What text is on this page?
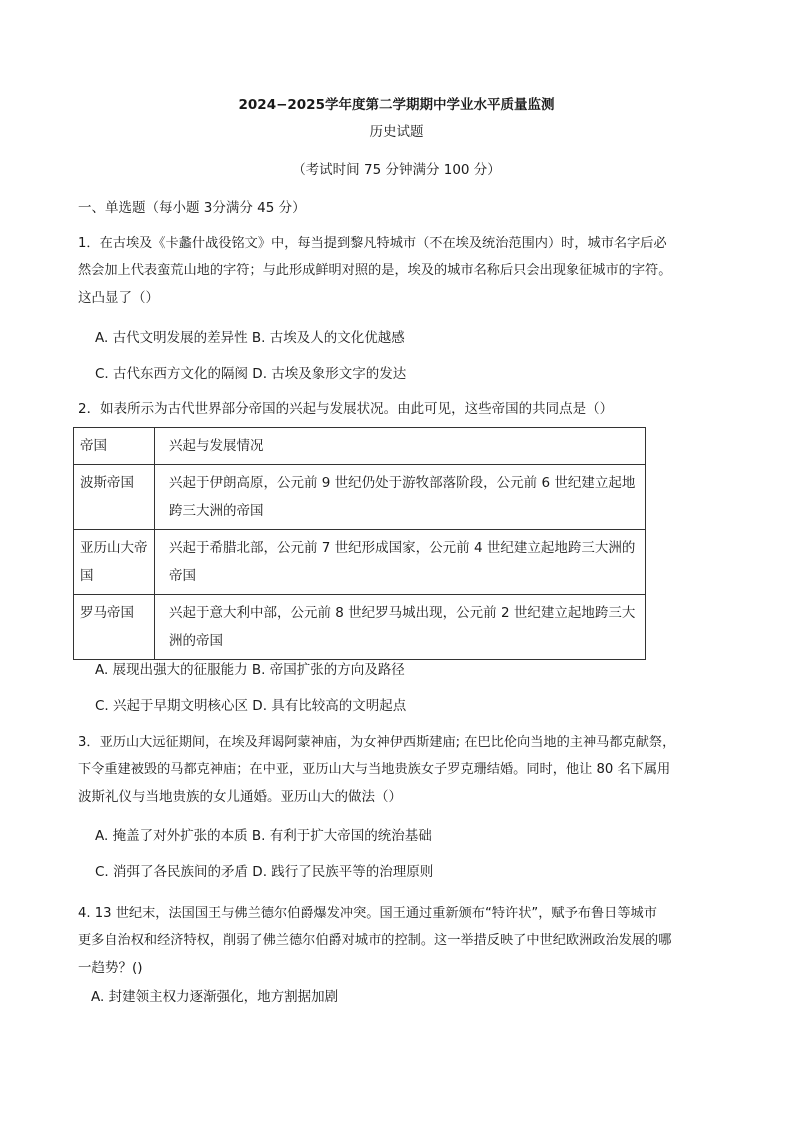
2024−2025学年度第二学期期中学业水平质量监测
历史试题
（考试时间 75 分钟满分 100 分）
一、单选题（每小题 3分满分 45 分）
1．在古埃及《卡蠡什战役铭文》中，每当提到黎凡特城市（不在埃及统治范围内）时，城市名字后必
然会加上代表蛮荒山地的字符；与此形成鲜明对照的是，埃及的城市名称后只会出现象征城市的字符。
这凸显了（）
A. 古代文明发展的差异性 B. 古埃及人的文化优越感
C. 古代东西方文化的隔阂 D. 古埃及象形文字的发达
2．如表所示为古代世界部分帝国的兴起与发展状况。由此可见，这些帝国的共同点是（）
帝国	兴起与发展情况
波斯帝国	兴起于伊朗高原，公元前 9 世纪仍处于游牧部落阶段，公元前 6 世纪建立起地跨三大洲的帝国
亚历山大帝国	兴起于希腊北部，公元前 7 世纪形成国家，公元前 4 世纪建立起地跨三大洲的帝国
罗马帝国	兴起于意大利中部，公元前 8 世纪罗马城出现，公元前 2 世纪建立起地跨三大洲的帝国
A. 展现出强大的征服能力 B. 帝国扩张的方向及路径
C. 兴起于早期文明核心区 D. 具有比较高的文明起点
3．亚历山大远征期间，在埃及拜谒阿蒙神庙，为女神伊西斯建庙; 在巴比伦向当地的主神马都克献祭，
下令重建被毁的马都克神庙；在中亚，亚历山大与当地贵族女子罗克珊结婚。同时，他让 80 名下属用
波斯礼仪与当地贵族的女儿通婚。亚历山大的做法（）
A. 掩盖了对外扩张的本质 B. 有利于扩大帝国的统治基础
C. 消弭了各民族间的矛盾 D. 践行了民族平等的治理原则
4. 13 世纪末，法国国王与佛兰德尔伯爵爆发冲突。国王通过重新颁布“特许状”，赋予布鲁日等城市
更多自治权和经济特权，削弱了佛兰德尔伯爵对城市的控制。这一举措反映了中世纪欧洲政治发展的哪
一趋势？()
A. 封建领主权力逐渐强化，地方割据加剧
